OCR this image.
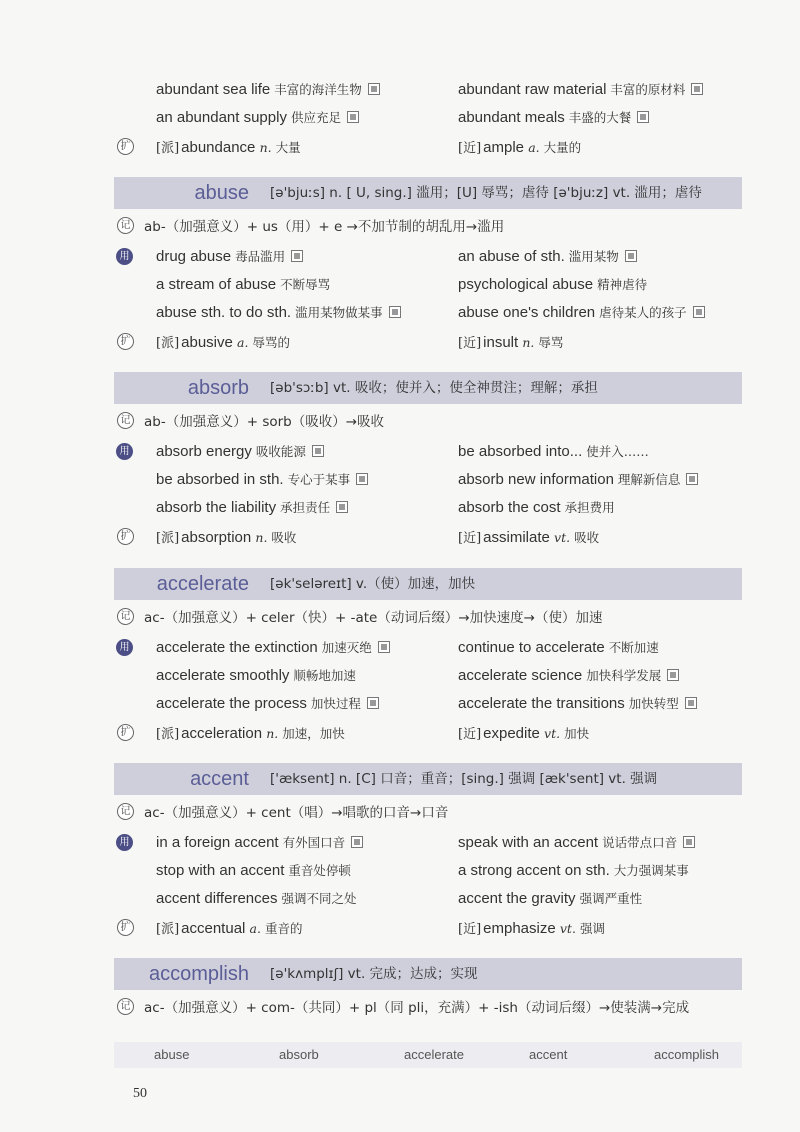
abundant sea life 丰富的海洋生物	abundant raw material 丰富的原材料
an abundant supply 供应充足	abundant meals 丰盛的大餐
扩 [派] abundance n. 大量	[近] ample a. 大量的
abuse [ə'bjuːs] n. [ U, sing.] 滥用；[U] 辱骂；虐待 [ə'bjuːz] vt. 滥用；虐待
记 ab-（加强意义）+ us（用）+ e →不加节制的胡乱用→滥用
用 drug abuse 毒品滥用	an abuse of sth. 滥用某物
a stream of abuse 不断辱骂	psychological abuse 精神虐待
abuse sth. to do sth. 滥用某物做某事	abuse one's children 虐待某人的孩子
扩 [派] abusive a. 辱骂的	[近] insult n. 辱骂
absorb [əb'sɔːb] vt. 吸收；使并入；使全神贯注；理解；承担
记 ab-（加强意义）+ sorb（吸收）→吸收
用 absorb energy 吸收能源	be absorbed into... 使并入……
be absorbed in sth. 专心于某事	absorb new information 理解新信息
absorb the liability 承担责任	absorb the cost 承担费用
扩 [派] absorption n. 吸收	[近] assimilate vt. 吸收
accelerate [ək'seləreɪt] v.（使）加速，加快
记 ac-（加强意义）+ celer（快）+ -ate（动词后缀）→加快速度→（使）加速
用 accelerate the extinction 加速灭绝	continue to accelerate 不断加速
accelerate smoothly 顺畅地加速	accelerate science 加快科学发展
accelerate the process 加快过程	accelerate the transitions 加快转型
扩 [派] acceleration n. 加速，加快	[近] expedite vt. 加快
accent ['æksent] n. [C] 口音；重音；[sing.] 强调 [æk'sent] vt. 强调
记 ac-（加强意义）+ cent（唱）→唱歌的口音→口音
用 in a foreign accent 有外国口音	speak with an accent 说话带点口音
stop with an accent 重音处停顿	a strong accent on sth. 大力强调某事
accent differences 强调不同之处	accent the gravity 强调严重性
扩 [派] accentual a. 重音的	[近] emphasize vt. 强调
accomplish [ə'kʌmplɪʃ] vt. 完成；达成；实现
记 ac-（加强意义）+ com-（共同）+ pl（同 pli，充满）+ -ish（动词后缀）→使装满→完成
abuse	absorb	accelerate	accent	accomplish
50
